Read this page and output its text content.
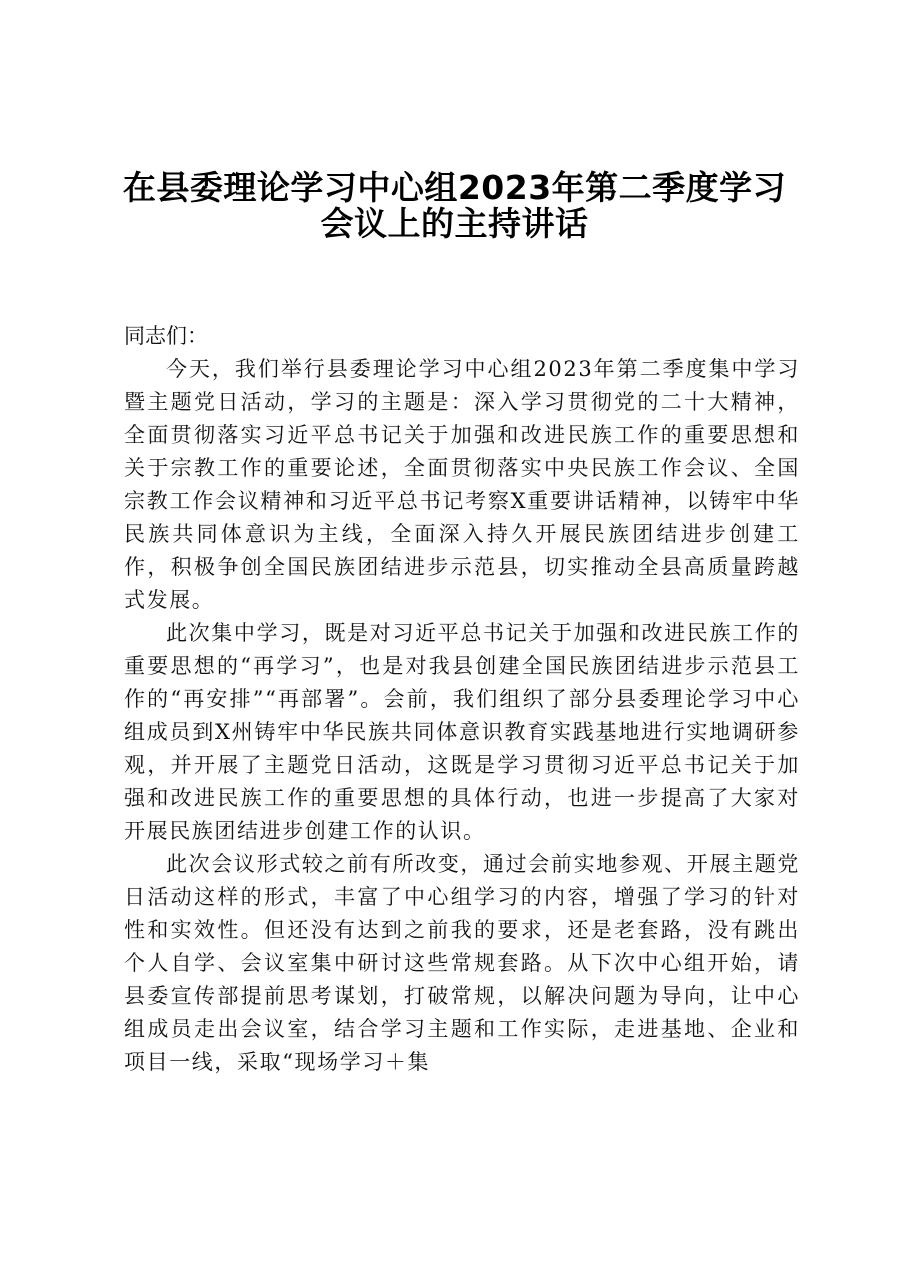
在县委理论学习中心组2023年第二季度学习
会议上的主持讲话

同志们：

今天，我们举行县委理论学习中心组2023年第二季度集中学习暨主题党日活动，学习的主题是：深入学习贯彻党的二十大精神，全面贯彻落实习近平总书记关于加强和改进民族工作的重要思想和关于宗教工作的重要论述，全面贯彻落实中央民族工作会议、全国宗教工作会议精神和习近平总书记考察X重要讲话精神，以铸牢中华民族共同体意识为主线，全面深入持久开展民族团结进步创建工作，积极争创全国民族团结进步示范县，切实推动全县高质量跨越式发展。

此次集中学习，既是对习近平总书记关于加强和改进民族工作的重要思想的“再学习”，也是对我县创建全国民族团结进步示范县工作的“再安排”“再部署”。会前，我们组织了部分县委理论学习中心组成员到X州铸牢中华民族共同体意识教育实践基地进行实地调研参观，并开展了主题党日活动，这既是学习贯彻习近平总书记关于加强和改进民族工作的重要思想的具体行动，也进一步提高了大家对开展民族团结进步创建工作的认识。

此次会议形式较之前有所改变，通过会前实地参观、开展主题党日活动这样的形式，丰富了中心组学习的内容，增强了学习的针对性和实效性。但还没有达到之前我的要求，还是老套路，没有跳出个人自学、会议室集中研讨这些常规套路。从下次中心组开始，请县委宣传部提前思考谋划，打破常规，以解决问题为导向，让中心组成员走出会议室，结合学习主题和工作实际，走进基地、企业和项目一线，采取“现场学习＋集
